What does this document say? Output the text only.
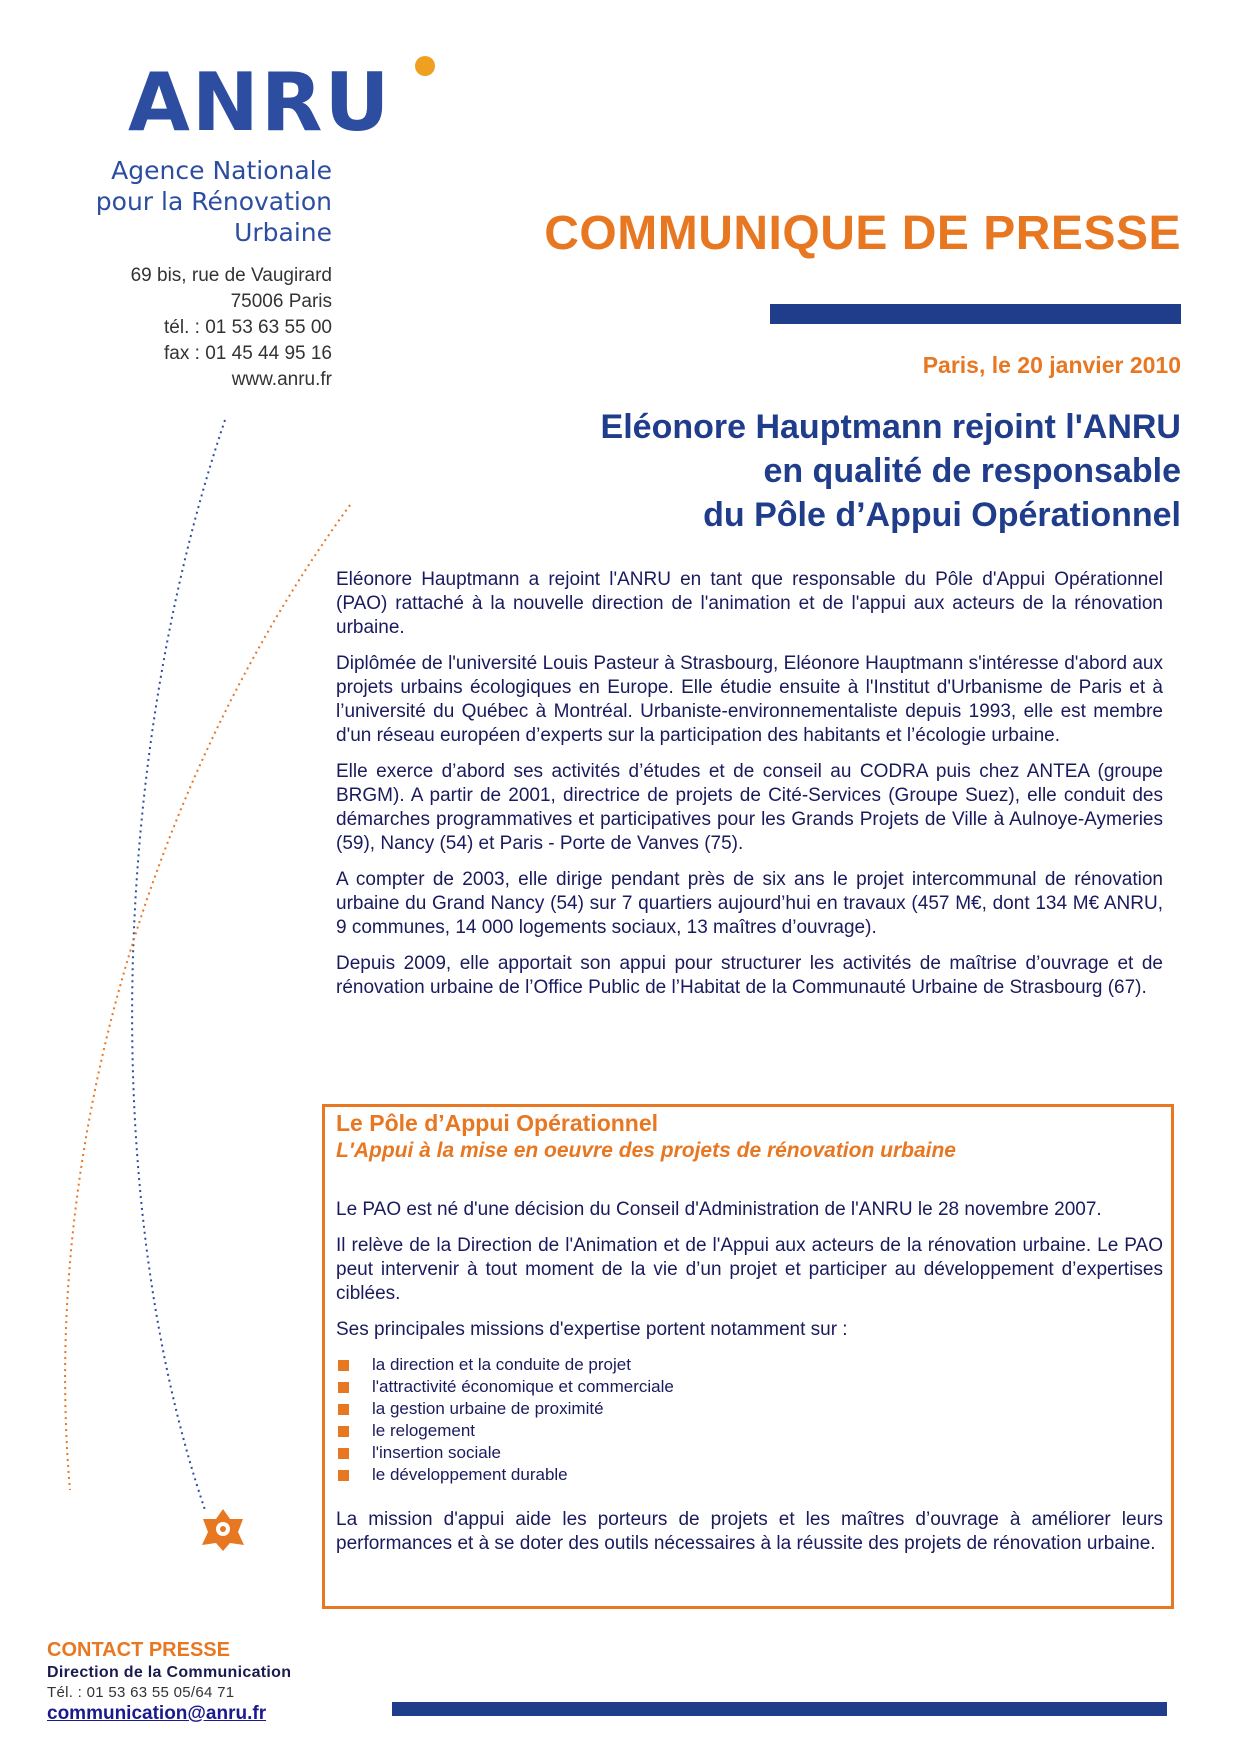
ANRU
Agence Nationale
pour la Rénovation
Urbaine
69 bis, rue de Vaugirard
75006 Paris
tél. : 01 53 63 55 00
fax : 01 45 44 95 16
www.anru.fr
COMMUNIQUE DE PRESSE
Paris, le 20 janvier 2010
Eléonore Hauptmann rejoint l'ANRU
en qualité de responsable
du Pôle d’Appui Opérationnel

Eléonore Hauptmann a rejoint l'ANRU en tant que responsable du Pôle d'Appui Opérationnel (PAO) rattaché à la nouvelle direction de l'animation et de l'appui aux acteurs de la rénovation urbaine.

Diplômée de l'université Louis Pasteur à Strasbourg, Eléonore Hauptmann s'intéresse d'abord aux projets urbains écologiques en Europe. Elle étudie ensuite à l'Institut d'Urbanisme de Paris et à l’université du Québec à Montréal. Urbaniste-environnementaliste depuis 1993, elle est membre d'un réseau européen d’experts sur la participation des habitants et l’écologie urbaine.

Elle exerce d’abord ses activités d’études et de conseil au CODRA puis chez ANTEA (groupe BRGM). A partir de 2001, directrice de projets de Cité-Services (Groupe Suez), elle conduit des démarches programmatives et participatives pour les Grands Projets de Ville à Aulnoye-Aymeries (59), Nancy (54) et Paris - Porte de Vanves (75).

A compter de 2003, elle dirige pendant près de six ans le projet intercommunal de rénovation urbaine du Grand Nancy (54) sur 7 quartiers aujourd’hui en travaux (457 M€, dont 134 M€ ANRU, 9 communes, 14 000 logements sociaux, 13 maîtres d’ouvrage).

Depuis 2009, elle apportait son appui pour structurer les activités de maîtrise d’ouvrage et de rénovation urbaine de l’Office Public de l’Habitat de la Communauté Urbaine de Strasbourg (67).

Le Pôle d’Appui Opérationnel
L'Appui à la mise en oeuvre des projets de rénovation urbaine

Le PAO est né d'une décision du Conseil d'Administration de l'ANRU le 28 novembre 2007.

Il relève de la Direction de l'Animation et de l'Appui aux acteurs de la rénovation urbaine. Le PAO peut intervenir à tout moment de la vie d’un projet et participer au développement d’expertises ciblées.

Ses principales missions d'expertise portent notamment sur :

la direction et la conduite de projet
l'attractivité économique et commerciale
la gestion urbaine de proximité
le relogement
l'insertion sociale
le développement durable

La mission d'appui aide les porteurs de projets et les maîtres d’ouvrage à améliorer leurs performances et à se doter des outils nécessaires à la réussite des projets de rénovation urbaine.

CONTACT PRESSE
Direction de la Communication
Tél. : 01 53 63 55 05/64 71
communication@anru.fr
